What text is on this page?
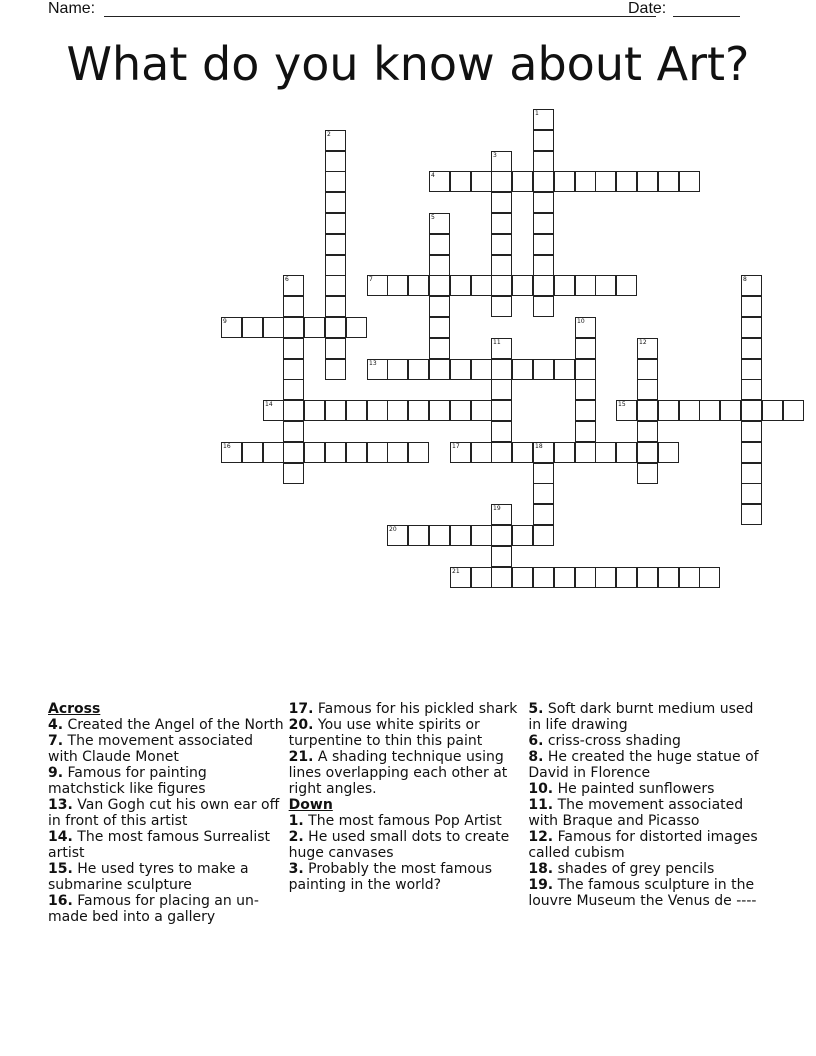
Name:	Date:
What do you know about Art?
1
2
3
4
5
6	7	8
9	10
11	12
13
14	15
16	17	18
19
20
21
Across
4. Created the Angel of the North
7. The movement associated with Claude Monet
9. Famous for painting matchstick like figures
13. Van Gogh cut his own ear off in front of this artist
14. The most famous Surrealist artist
15. He used tyres to make a submarine sculpture
16. Famous for placing an un-made bed into a gallery
17. Famous for his pickled shark
20. You use white spirits or turpentine to thin this paint
21. A shading technique using lines overlapping each other at right angles.
Down
1. The most famous Pop Artist
2. He used small dots to create huge canvases
3. Probably the most famous painting in the world?
5. Soft dark burnt medium used in life drawing
6. criss-cross shading
8. He created the huge statue of David in Florence
10. He painted sunflowers
11. The movement associated with Braque and Picasso
12. Famous for distorted images called cubism
18. shades of grey pencils
19. The famous sculpture in the louvre Museum the Venus de ----
